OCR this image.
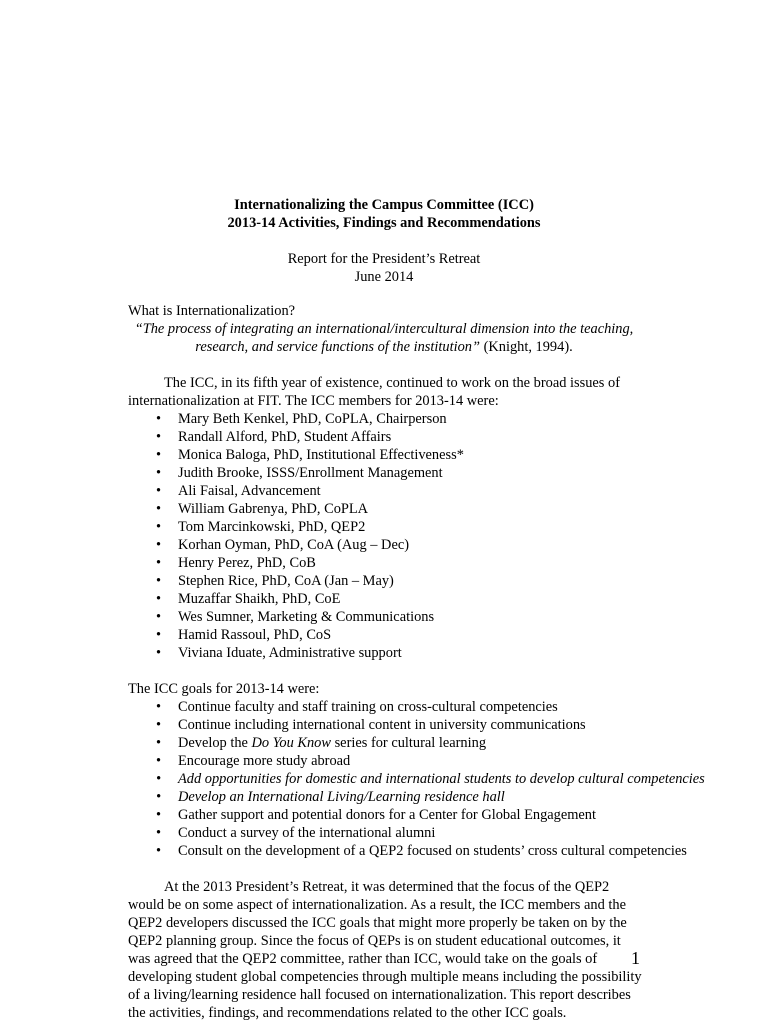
Internationalizing the Campus Committee (ICC)
2013-14 Activities, Findings and Recommendations
Report for the President’s Retreat
June 2014
What is Internationalization?
“The process of integrating an international/intercultural dimension into the teaching, research, and service functions of the institution” (Knight, 1994).
The ICC, in its fifth year of existence, continued to work on the broad issues of internationalization at FIT. The ICC members for 2013-14 were:
• Mary Beth Kenkel, PhD, CoPLA, Chairperson
• Randall Alford, PhD, Student Affairs
• Monica Baloga, PhD, Institutional Effectiveness*
• Judith Brooke, ISSS/Enrollment Management
• Ali Faisal, Advancement
• William Gabrenya, PhD, CoPLA
• Tom Marcinkowski, PhD, QEP2
• Korhan Oyman, PhD, CoA (Aug – Dec)
• Henry Perez, PhD, CoB
• Stephen Rice, PhD, CoA (Jan – May)
• Muzaffar Shaikh, PhD, CoE
• Wes Sumner, Marketing & Communications
• Hamid Rassoul, PhD, CoS
• Viviana Iduate, Administrative support
The ICC goals for 2013-14 were:
• Continue faculty and staff training on cross-cultural competencies
• Continue including international content in university communications
• Develop the Do You Know series for cultural learning
• Encourage more study abroad
• Add opportunities for domestic and international students to develop cultural competencies
• Develop an International Living/Learning residence hall
• Gather support and potential donors for a Center for Global Engagement
• Conduct a survey of the international alumni
• Consult on the development of a QEP2 focused on students’ cross cultural competencies
At the 2013 President’s Retreat, it was determined that the focus of the QEP2 would be on some aspect of internationalization. As a result, the ICC members and the QEP2 developers discussed the ICC goals that might more properly be taken on by the QEP2 planning group. Since the focus of QEPs is on student educational outcomes, it was agreed that the QEP2 committee, rather than ICC, would take on the goals of developing student global competencies through multiple means including the possibility of a living/learning residence hall focused on internationalization. This report describes the activities, findings, and recommendations related to the other ICC goals.
1
